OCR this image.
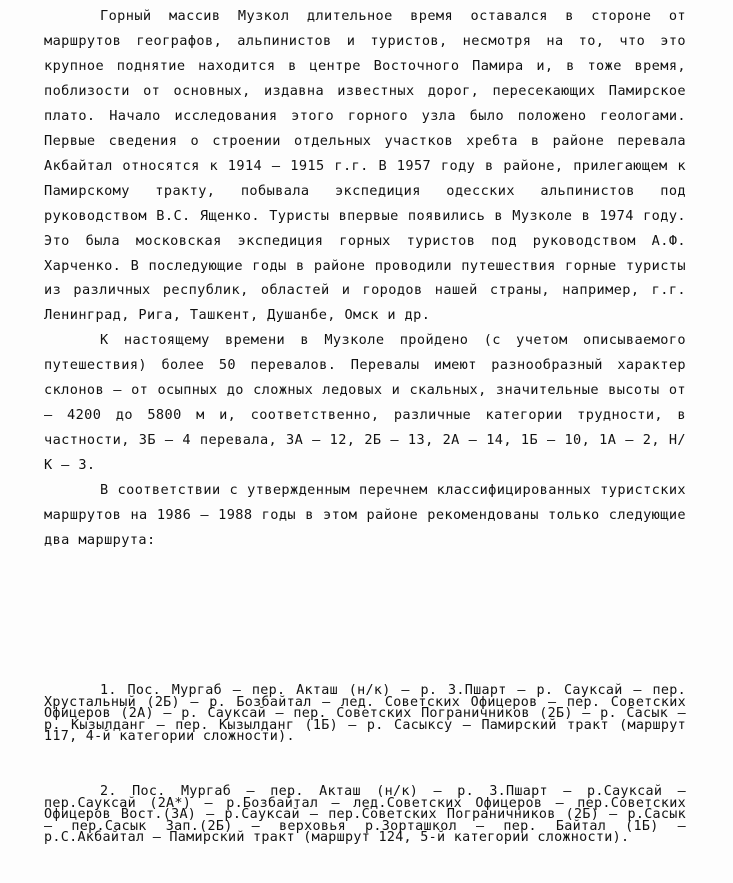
Горный массив Музкол длительное время оставался в стороне от маршрутов географов, альпинистов и туристов, несмотря на то, что это крупное поднятие находится в центре Восточного Памира и, в тоже время, поблизости от основных, издавна известных дорог, пересекающих Памирское плато. Начало исследования этого горного узла было положено геологами. Первые сведения о строении отдельных участков хребта в районе перевала Акбайтал относятся к 1914 – 1915 г.г. В 1957 году в районе, прилегающем к Памирскому тракту, побывала экспедиция одесских альпинистов под руководством В.С. Ященко. Туристы впервые появились в Музколе в 1974 году. Это была московская экспедиция горных туристов под руководством А.Ф. Харченко. В последующие годы в районе проводили путешествия горные туристы из различных республик, областей и городов нашей страны, например, г.г. Ленинград, Рига, Ташкент, Душанбе, Омск и др.

К настоящему времени в Музколе пройдено (с учетом описываемого путешествия) более 50 перевалов. Перевалы имеют разнообразный характер склонов – от осыпных до сложных ледовых и скальных, значительные высоты от – 4200 до 5800 м и, соответственно, различные категории трудности, в частности, 3Б – 4 перевала, 3А – 12, 2Б – 13, 2А – 14, 1Б – 10, 1А – 2, Н/К – 3.

В соответствии с утвержденным перечнем классифицированных туристских маршрутов на 1986 – 1988 годы в этом районе рекомендованы только следующие два маршрута:

1. Пос. Мургаб – пер. Акташ (н/к) – р. З.Пшарт – р. Сауксай – пер. Хрустальный (2Б) – р. Бозбайтал – лед. Советских Офицеров – пер. Советских Офицеров (2А) – р. Сауксай – пер. Советских Пограничников (2Б) – р. Сасык – р. Кызылданг – пер. Кызылданг (1Б) – р. Сасыксу – Памирский тракт (маршрут 117, 4-й категории сложности).

2. Пос. Мургаб – пер. Акташ (н/к) – р. З.Пшарт – р.Сауксай – пер.Сауксай (2А*) – р.Бозбайтал – лед.Советских Офицеров – пер.Советских Офицеров Вост.(3А) – р.Сауксай – пер.Советских Пограничников (2Б) – р.Сасык – пер.Сасык Зап.(2Б) – верховья р.Зорташкол – пер. Байтал (1Б) – р.С.Акбайтал – Памирский тракт (маршрут 124, 5-й категории сложности).
